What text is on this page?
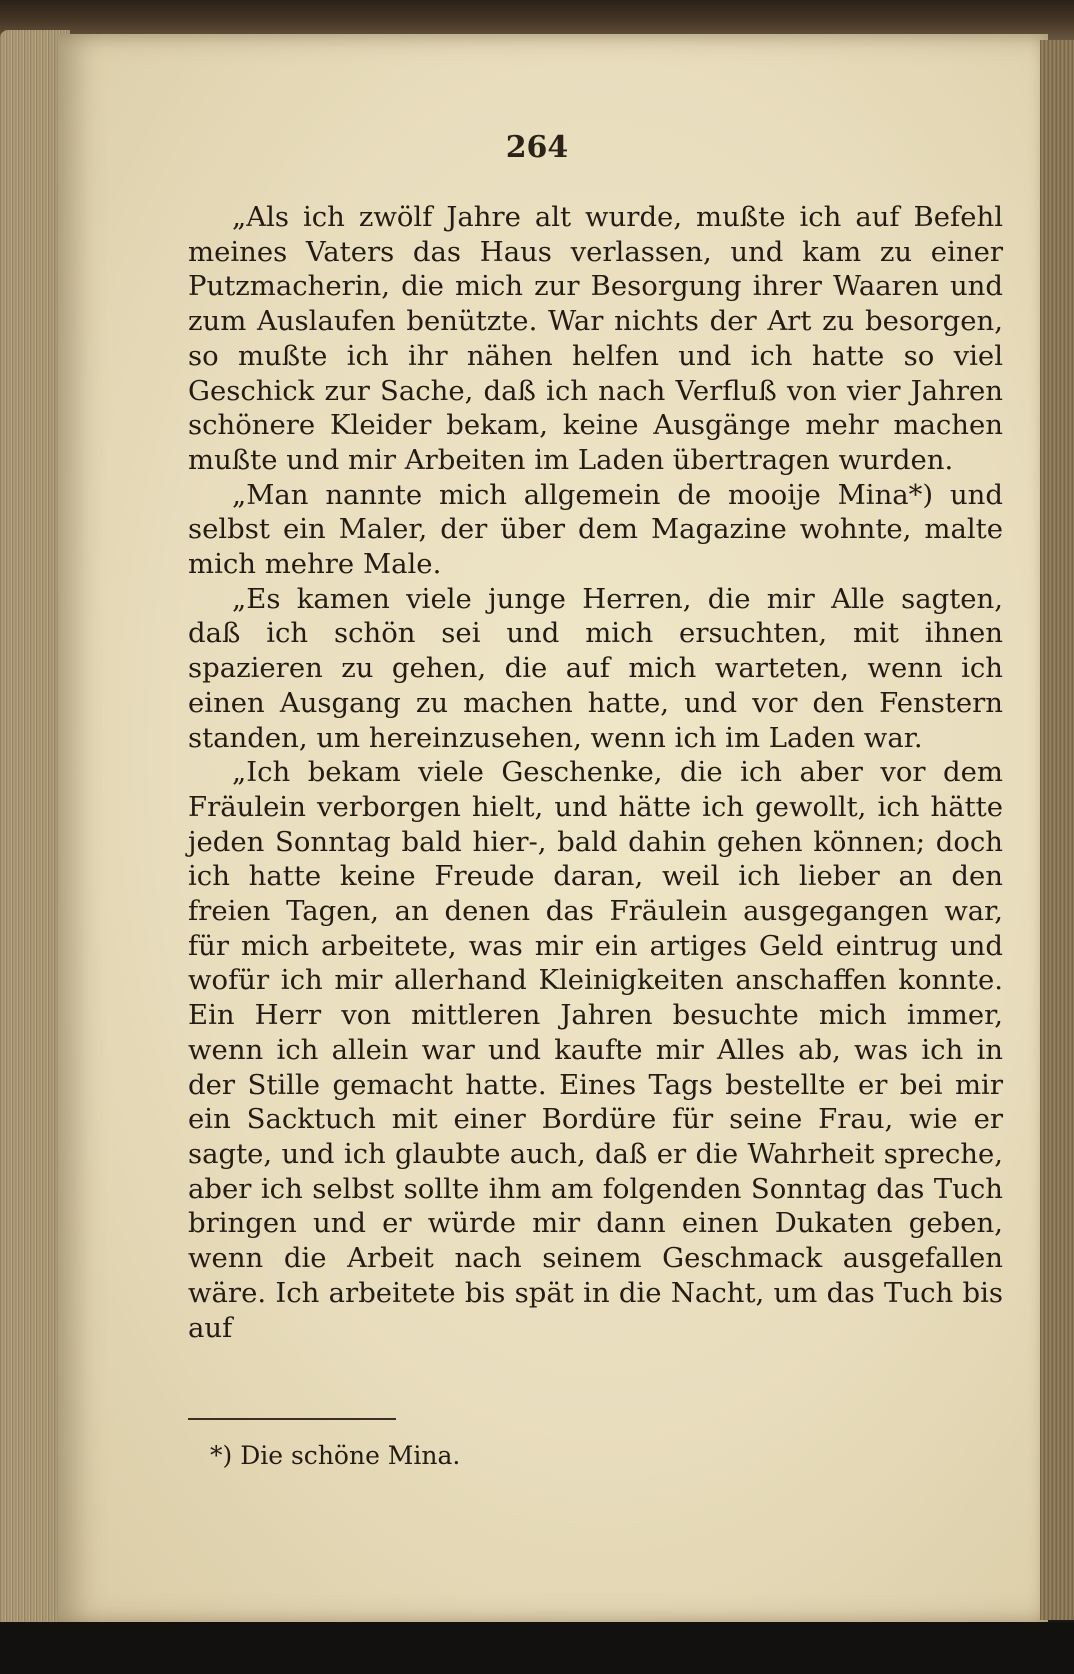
264

„Als ich zwölf Jahre alt wurde, mußte ich auf Befehl meines Vaters das Haus verlassen, und kam zu einer Putzmacherin, die mich zur Besorgung ihrer Waaren und zum Auslaufen benützte. War nichts der Art zu besorgen, so mußte ich ihr nähen helfen und ich hatte so viel Geschick zur Sache, daß ich nach Verfluß von vier Jahren schönere Kleider bekam, keine Ausgänge mehr machen mußte und mir Arbeiten im Laden übertragen wurden.

„Man nannte mich allgemein de mooije Mina*) und selbst ein Maler, der über dem Magazine wohnte, malte mich mehre Male.

„Es kamen viele junge Herren, die mir Alle sagten, daß ich schön sei und mich ersuchten, mit ihnen spazieren zu gehen, die auf mich warteten, wenn ich einen Ausgang zu machen hatte, und vor den Fenstern standen, um hereinzusehen, wenn ich im Laden war.

„Ich bekam viele Geschenke, die ich aber vor dem Fräulein verborgen hielt, und hätte ich gewollt, ich hätte jeden Sonntag bald hier-, bald dahin gehen können; doch ich hatte keine Freude daran, weil ich lieber an den freien Tagen, an denen das Fräulein ausgegangen war, für mich arbeitete, was mir ein artiges Geld eintrug und wofür ich mir allerhand Kleinigkeiten anschaffen konnte. Ein Herr von mittleren Jahren besuchte mich immer, wenn ich allein war und kaufte mir Alles ab, was ich in der Stille gemacht hatte. Eines Tags bestellte er bei mir ein Sacktuch mit einer Bordüre für seine Frau, wie er sagte, und ich glaubte auch, daß er die Wahrheit spreche, aber ich selbst sollte ihm am folgenden Sonntag das Tuch bringen und er würde mir dann einen Dukaten geben, wenn die Arbeit nach seinem Geschmack ausgefallen wäre. Ich arbeitete bis spät in die Nacht, um das Tuch bis auf

*) Die schöne Mina.
